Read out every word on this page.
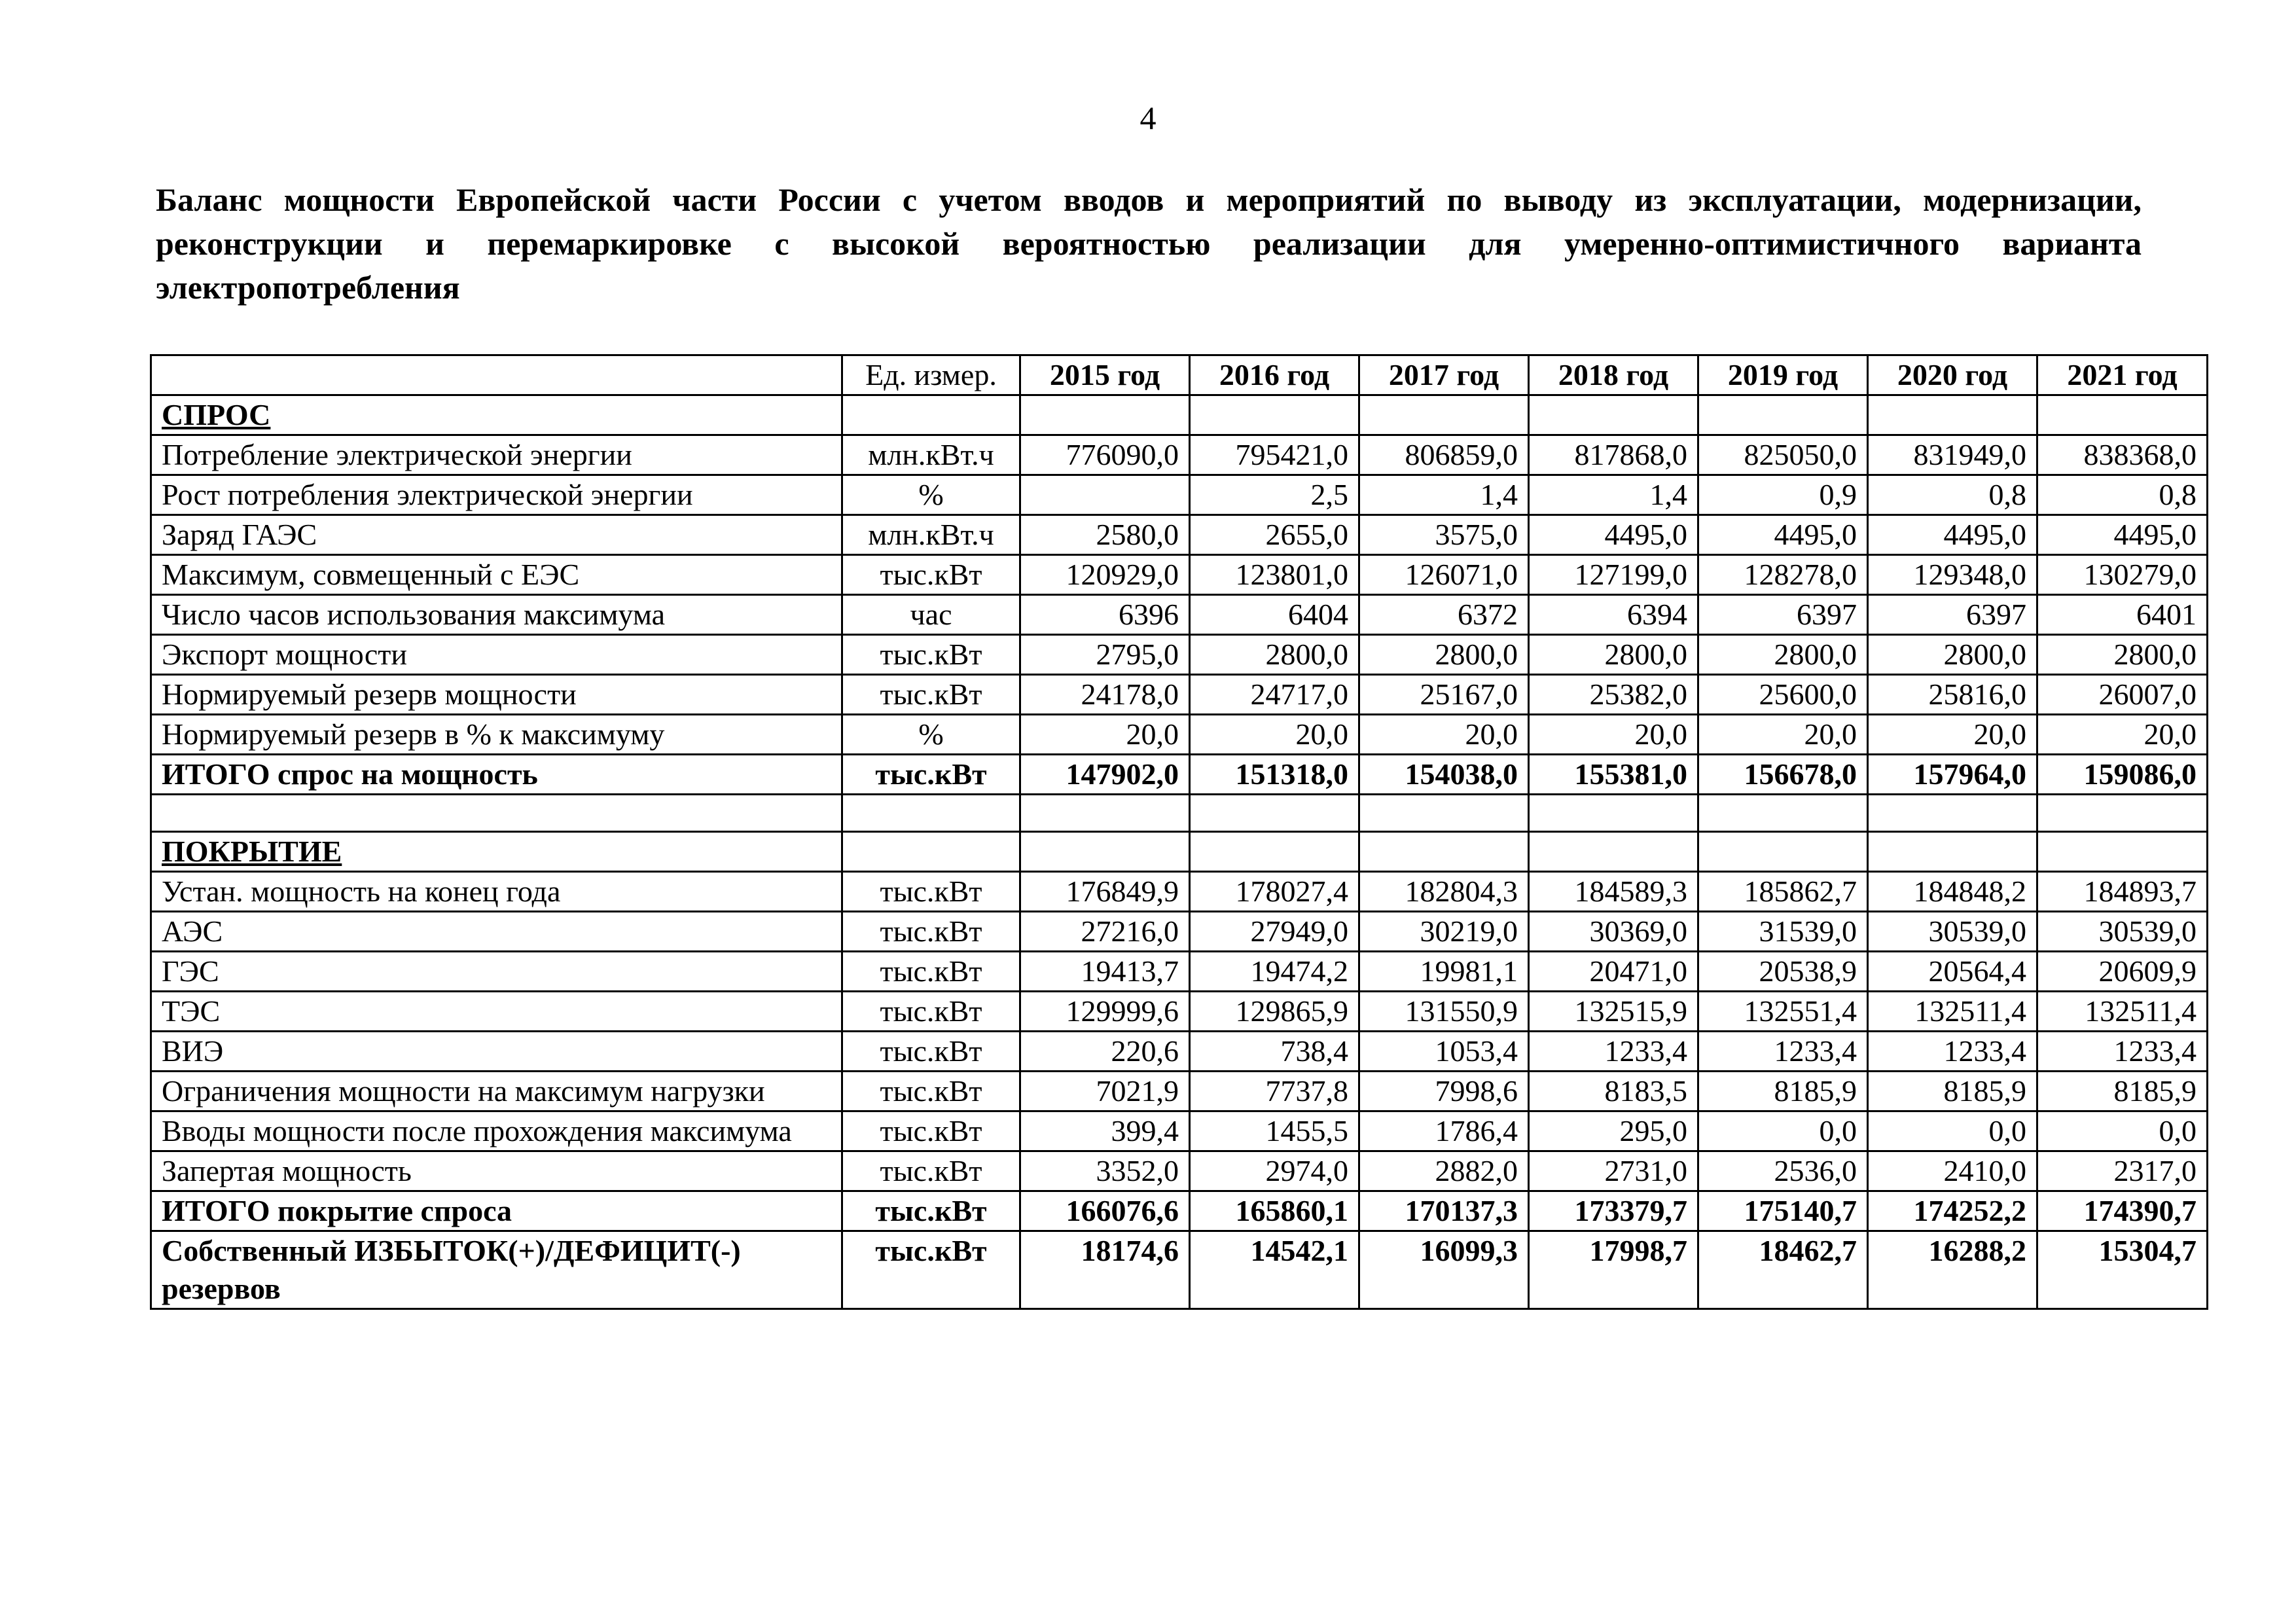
4

Баланс мощности Европейской части России с учетом вводов и мероприятий по выводу из эксплуатации, модернизации, реконструкции и перемаркировке с высокой вероятностью реализации для умеренно-оптимистичного варианта электропотребления

	Ед. измер.	2015 год	2016 год	2017 год	2018 год	2019 год	2020 год	2021 год
СПРОС								
Потребление электрической энергии	млн.кВт.ч	776090,0	795421,0	806859,0	817868,0	825050,0	831949,0	838368,0
Рост потребления электрической энергии	%		2,5	1,4	1,4	0,9	0,8	0,8
Заряд ГАЭС	млн.кВт.ч	2580,0	2655,0	3575,0	4495,0	4495,0	4495,0	4495,0
Максимум, совмещенный с ЕЭС	тыс.кВт	120929,0	123801,0	126071,0	127199,0	128278,0	129348,0	130279,0
Число часов использования максимума	час	6396	6404	6372	6394	6397	6397	6401
Экспорт мощности	тыс.кВт	2795,0	2800,0	2800,0	2800,0	2800,0	2800,0	2800,0
Нормируемый резерв мощности	тыс.кВт	24178,0	24717,0	25167,0	25382,0	25600,0	25816,0	26007,0
Нормируемый резерв в % к максимуму	%	20,0	20,0	20,0	20,0	20,0	20,0	20,0
ИТОГО спрос на мощность	тыс.кВт	147902,0	151318,0	154038,0	155381,0	156678,0	157964,0	159086,0

ПОКРЫТИЕ								
Устан. мощность на конец года	тыс.кВт	176849,9	178027,4	182804,3	184589,3	185862,7	184848,2	184893,7
АЭС	тыс.кВт	27216,0	27949,0	30219,0	30369,0	31539,0	30539,0	30539,0
ГЭС	тыс.кВт	19413,7	19474,2	19981,1	20471,0	20538,9	20564,4	20609,9
ТЭС	тыс.кВт	129999,6	129865,9	131550,9	132515,9	132551,4	132511,4	132511,4
ВИЭ	тыс.кВт	220,6	738,4	1053,4	1233,4	1233,4	1233,4	1233,4
Ограничения мощности на максимум нагрузки	тыс.кВт	7021,9	7737,8	7998,6	8183,5	8185,9	8185,9	8185,9
Вводы мощности после прохождения максимума	тыс.кВт	399,4	1455,5	1786,4	295,0	0,0	0,0	0,0
Запертая мощность	тыс.кВт	3352,0	2974,0	2882,0	2731,0	2536,0	2410,0	2317,0
ИТОГО покрытие спроса	тыс.кВт	166076,6	165860,1	170137,3	173379,7	175140,7	174252,2	174390,7
Собственный ИЗБЫТОК(+)/ДЕФИЦИТ(-) резервов	тыс.кВт	18174,6	14542,1	16099,3	17998,7	18462,7	16288,2	15304,7
